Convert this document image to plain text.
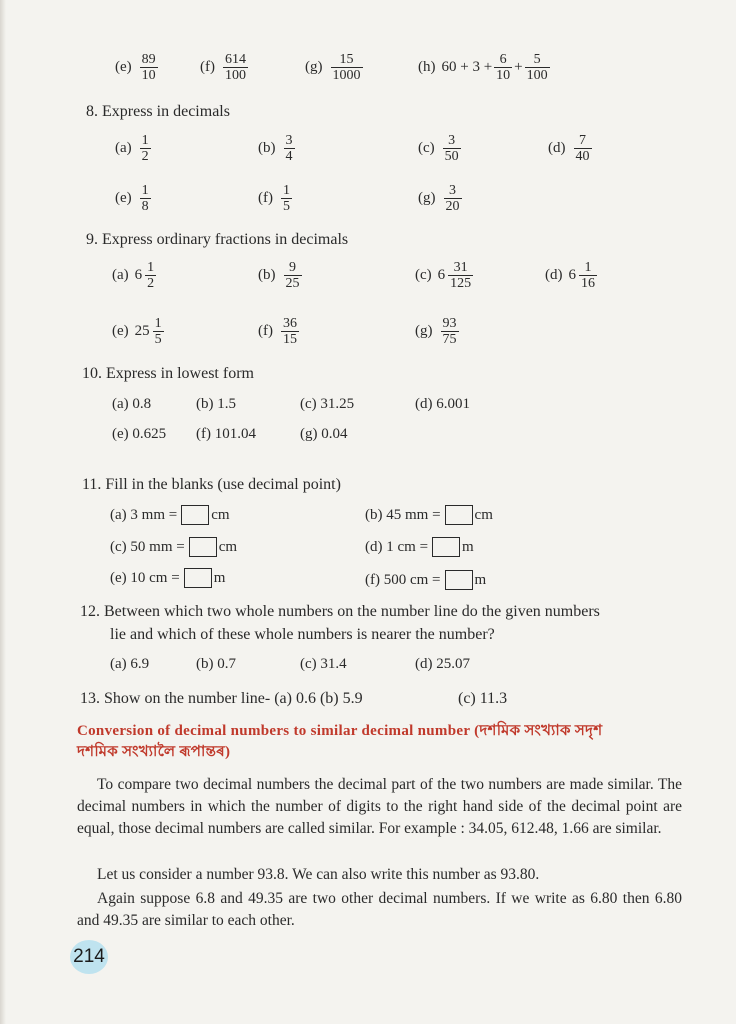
$(e) \frac{89}{10}$	$(f) \frac{614}{100}$	$(g) \frac{15}{1000}$	(h) $60 + 3 + \frac{6}{10} + \frac{5}{100}$
8. Express in decimals
$(a) \frac{1}{2}$	$(b) \frac{3}{4}$	$(c) \frac{3}{50}$	$(d) \frac{7}{40}$
$(e) \frac{1}{8}$	$(f) \frac{1}{5}$	$(g) \frac{3}{20}$
9. Express ordinary fractions in decimals
(a) $6 \frac{1}{2}$	$(b) \frac{9}{25}$	(c) $6 \frac{31}{125}$	(d) $6 \frac{1}{16}$
(e) $25 \frac{1}{5}$	$(f) \frac{36}{15}$	$(g) \frac{93}{75}$
10. Express in lowest form
(a) 0.8	(b) 1.5	(c) 31.25	(d) 6.001
(e) 0.625 (f) 101.04	(g) 0.04
11. Fill in the blanks (use decimal point)
(a) 3 mm = cm	(b) 45 mm = cm
(c) 50 mm = cm	(d) 1 cm = m
(e) 10 cm = m	(f) 500 cm = m
12. Between which two whole numbers on the number line do the given numbers
lie and which of these whole numbers is nearer the number?
(a) 6.9	(b) 0.7	(c) 31.4	(d) 25.07
13. Show on the number line- (a) 0.6 (b) 5.9	(c) 11.3
Conversion of decimal numbers to similar decimal number (দশমিক সংখ্যাক সদৃশ
দশমিক সংখ্যালৈ ৰূপান্তৰ)
To compare two decimal numbers the decimal part of the two numbers are made similar. The decimal numbers in which the number of digits to the right hand side of the decimal point are equal, those decimal numbers are called similar. For example : 34.05, 612.48, 1.66 are similar.
Let us consider a number 93.8. We can also write this number as 93.80.
Again suppose 6.8 and 49.35 are two other decimal numbers. If we write as 6.80 then 6.80 and 49.35 are similar to each other.
214
